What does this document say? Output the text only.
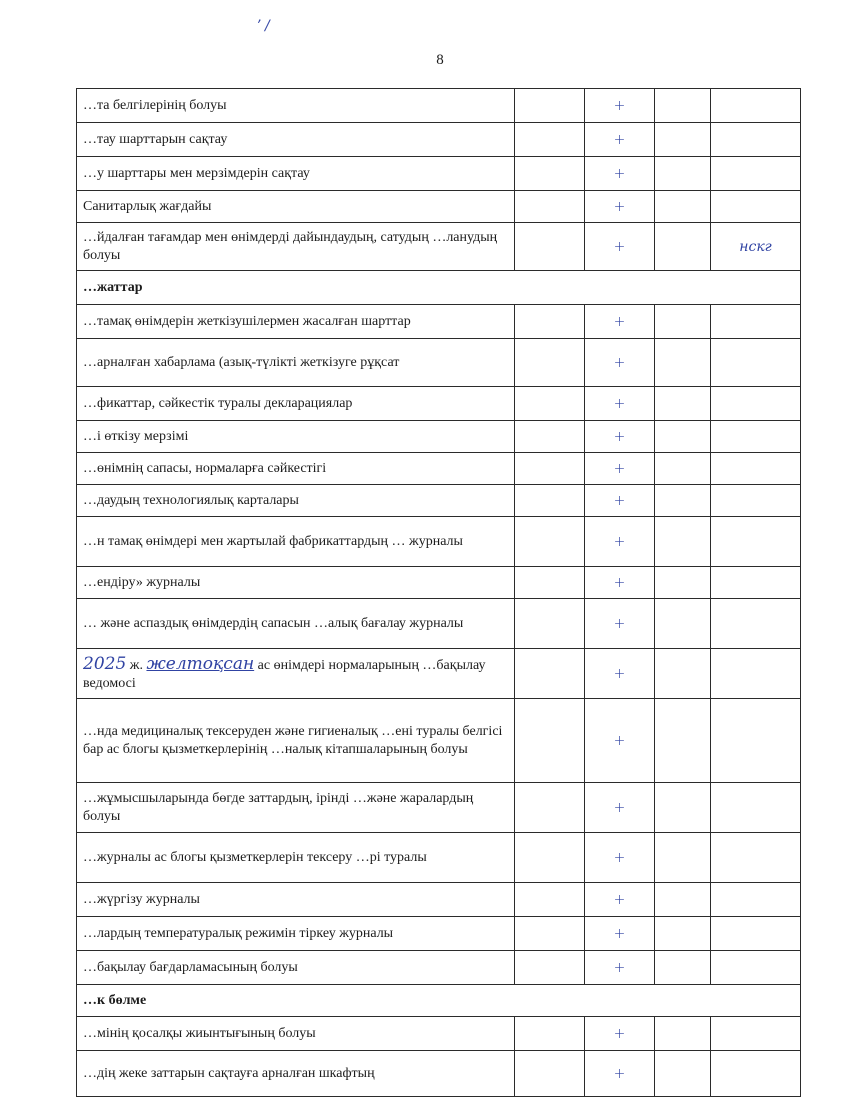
8
’ /
…та белгілерінің болуы		+		
…тау шарттарын сақтау		+		
…у шарттары мен мерзімдерін сақтау		+		
Санитарлық жағдайы		+		
…йдалған тағамдар мен өнімдерді дайындаудың, сатудың …ланудың болуы		+		нскг
…жаттар				
…тамақ өнімдерін жеткізушілермен жасалған шарттар		+		
…арналған хабарлама (азық-түлікті жеткізуге рұқсат		+		
…фикаттар, сәйкестік туралы декларациялар		+		
…і өткізу мерзімі		+		
…өнімнің сапасы, нормаларға сәйкестігі		+		
…даудың технологиялық карталары		+		
…н тамақ өнімдері мен жартылай фабрикаттардың … журналы		+		
…ендіру» журналы		+		
… және аспаздық өнімдердің сапасын …алық бағалау журналы		+		
2025 ж. желтоқсан ас өнімдері нормаларының …бақылау ведомосі		+		
…нда медициналық тексеруден және гигиеналық …ені туралы белгісі бар ас блогы қызметкерлерінің …налық кітапшаларының болуы		+		
…жұмысшыларында бөгде заттардың, ірінді …және жаралардың болуы		+		
…журналы ас блогы қызметкерлерін тексеру …рі туралы		+		
…жүргізу журналы		+		
…лардың температуралық режимін тіркеу журналы		+		
…бақылау бағдарламасының болуы		+		
…к бөлме				
…мінің қосалқы жиынтығының болуы		+		
…дің жеке заттарын сақтауға арналған шкафтың		+		
